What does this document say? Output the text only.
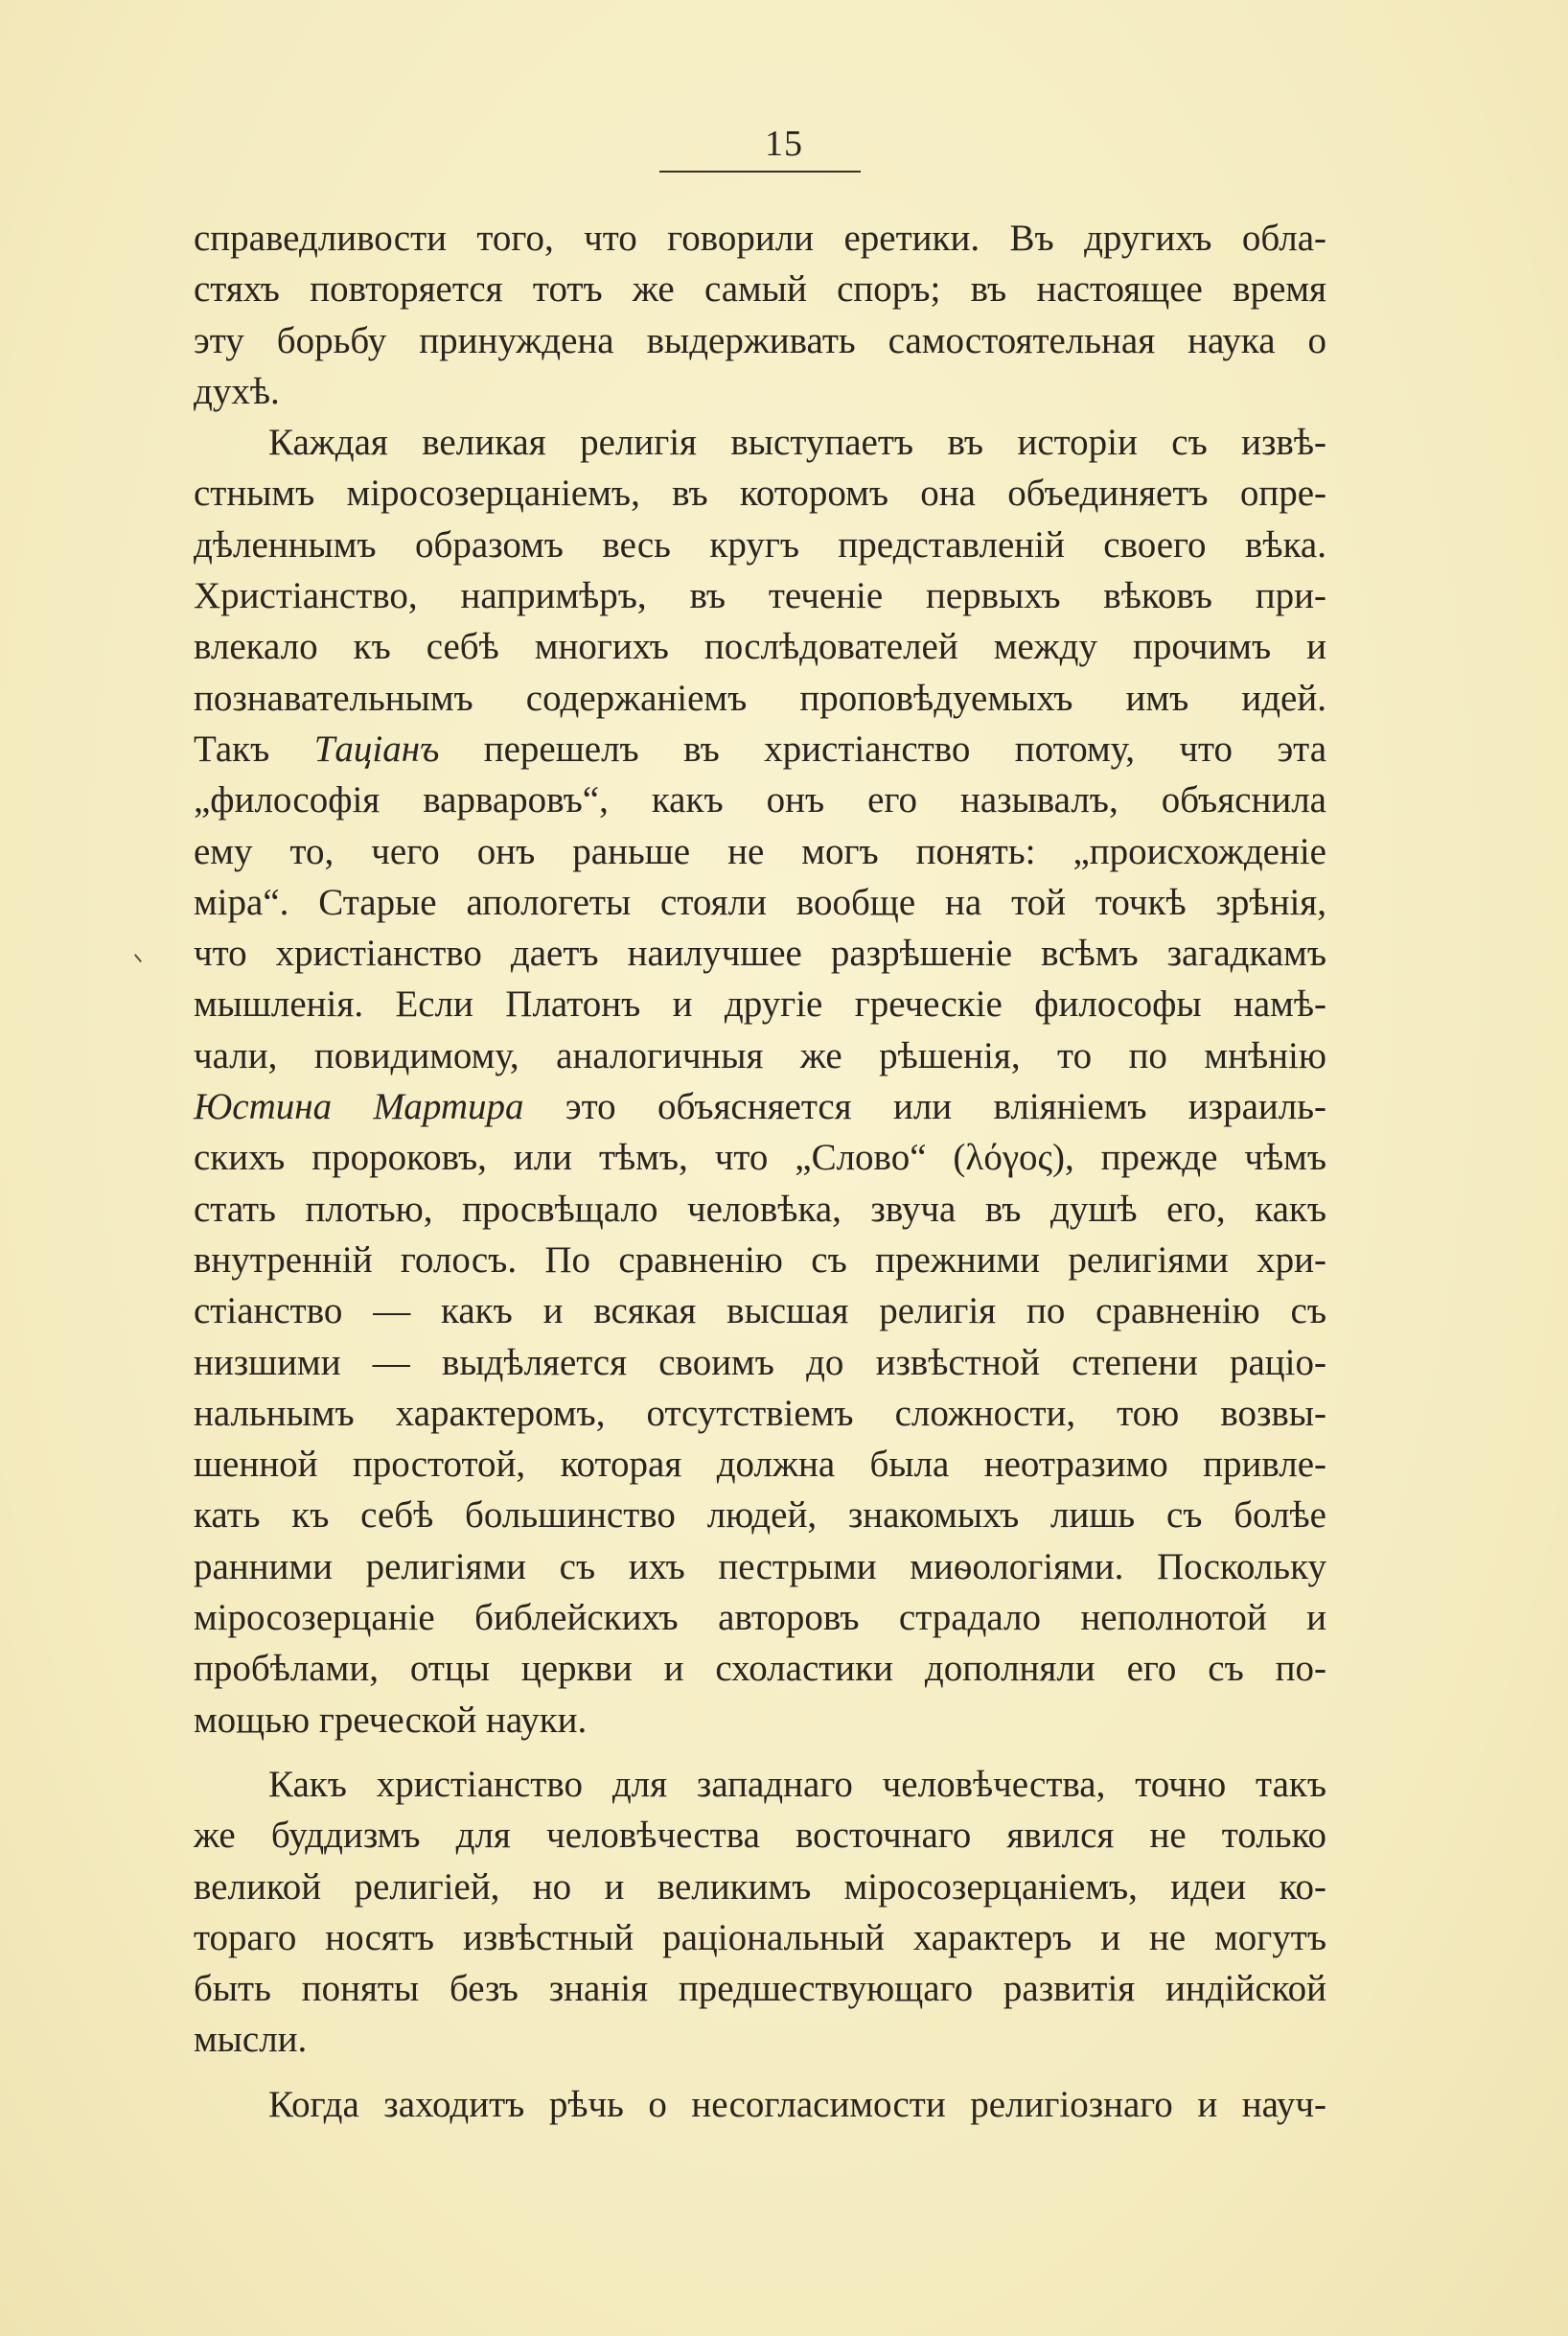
15
справедливости того, что говорили еретики. Въ другихъ обла-
стяхъ повторяется тотъ же самый споръ; въ настоящее время
эту борьбу принуждена выдерживать самостоятельная наука о
духѣ.
Каждая великая религія выступаетъ въ исторіи съ извѣ-
стнымъ міросозерцаніемъ, въ которомъ она объединяетъ опре-
дѣленнымъ образомъ весь кругъ представленій своего вѣка.
Христіанство, напримѣръ, въ теченіе первыхъ вѣковъ при-
влекало къ себѣ многихъ послѣдователей между прочимъ и
познавательнымъ содержаніемъ проповѣдуемыхъ имъ идей.
Такъ Тaціанъ перешелъ въ христіанство потому, что эта
„философія варваровъ“, какъ онъ его называлъ, объяснила
ему то, чего онъ раньше не могъ понять: „происхожденіе
міра“. Старые апологеты стояли вообще на той точкѣ зрѣнія,
что христіанство даетъ наилучшее разрѣшеніе всѣмъ загадкамъ
мышленія. Если Платонъ и другіе греческіе философы намѣ-
чали, повидимому, аналогичныя же рѣшенія, то по мнѣнію
Юстина Мартира это объясняется или вліяніемъ израиль-
скихъ пророковъ, или тѣмъ, что „Слово“ (λόγος), прежде чѣмъ
стать плотью, просвѣщало человѣка, звуча въ душѣ его, какъ
внутренній голосъ. По сравненію съ прежними религіями хри-
стіанство — какъ и всякая высшая религія по сравненію съ
низшими — выдѣляется своимъ до извѣстной степени раціо-
нальнымъ характеромъ, отсутствіемъ сложности, тою возвы-
шенной простотой, которая должна была неотразимо привле-
кать къ себѣ большинство людей, знакомыхъ лишь съ болѣе
ранними религіями съ ихъ пестрыми миѳологіями. Поскольку
міросозерцаніе библейскихъ авторовъ страдало неполнотой и
пробѣлами, отцы церкви и схоластики дополняли его съ по-
мощью греческой науки.
Какъ христіанство для западнаго человѣчества, точно такъ
же буддизмъ для человѣчества восточнаго явился не только
великой религіей, но и великимъ міросозерцаніемъ, идеи ко-
тораго носятъ извѣстный раціональный характеръ и не могутъ
быть поняты безъ знанія предшествующаго развитія индійской
мысли.
Когда заходитъ рѣчь о несогласимости религіознаго и науч-
